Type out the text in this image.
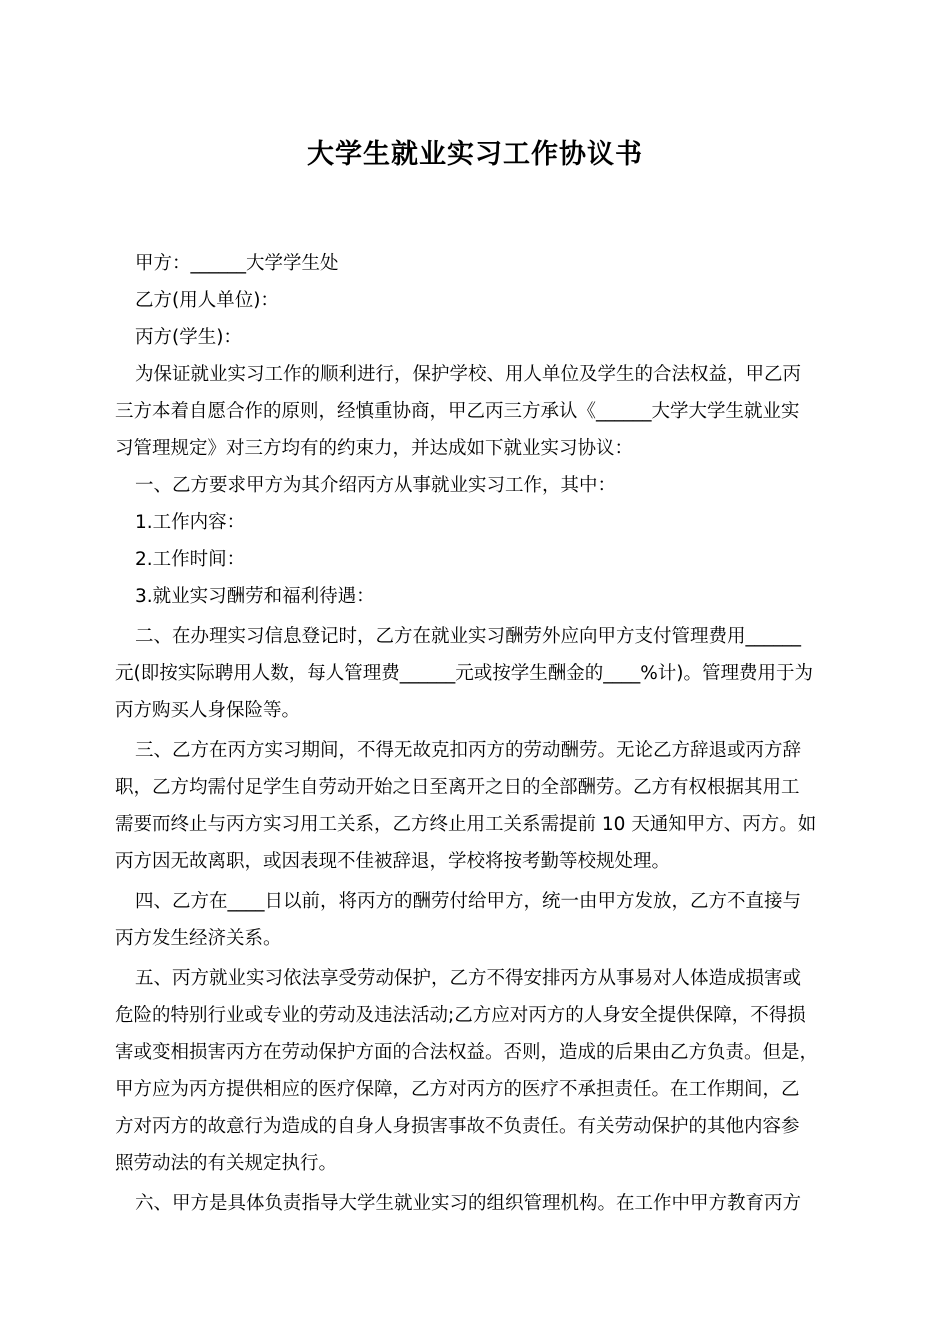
大学生就业实习工作协议书
甲方：______大学学生处
乙方(用人单位)：
丙方(学生)：
为保证就业实习工作的顺利进行，保护学校、用人单位及学生的合法权益，甲乙丙
三方本着自愿合作的原则，经慎重协商，甲乙丙三方承认《______大学大学生就业实
习管理规定》对三方均有的约束力，并达成如下就业实习协议：
一、乙方要求甲方为其介绍丙方从事就业实习工作，其中：
1.工作内容：
2.工作时间：
3.就业实习酬劳和福利待遇：
二、在办理实习信息登记时，乙方在就业实习酬劳外应向甲方支付管理费用______
元(即按实际聘用人数，每人管理费______元或按学生酬金的____%计)。管理费用于为
丙方购买人身保险等。
三、乙方在丙方实习期间，不得无故克扣丙方的劳动酬劳。无论乙方辞退或丙方辞
职，乙方均需付足学生自劳动开始之日至离开之日的全部酬劳。乙方有权根据其用工
需要而终止与丙方实习用工关系，乙方终止用工关系需提前 10 天通知甲方、丙方。如
丙方因无故离职，或因表现不佳被辞退，学校将按考勤等校规处理。
四、乙方在____日以前，将丙方的酬劳付给甲方，统一由甲方发放，乙方不直接与
丙方发生经济关系。
五、丙方就业实习依法享受劳动保护，乙方不得安排丙方从事易对人体造成损害或
危险的特别行业或专业的劳动及违法活动;乙方应对丙方的人身安全提供保障，不得损
害或变相损害丙方在劳动保护方面的合法权益。否则，造成的后果由乙方负责。但是，
甲方应为丙方提供相应的医疗保障，乙方对丙方的医疗不承担责任。在工作期间，乙
方对丙方的故意行为造成的自身人身损害事故不负责任。有关劳动保护的其他内容参
照劳动法的有关规定执行。
六、甲方是具体负责指导大学生就业实习的组织管理机构。在工作中甲方教育丙方
